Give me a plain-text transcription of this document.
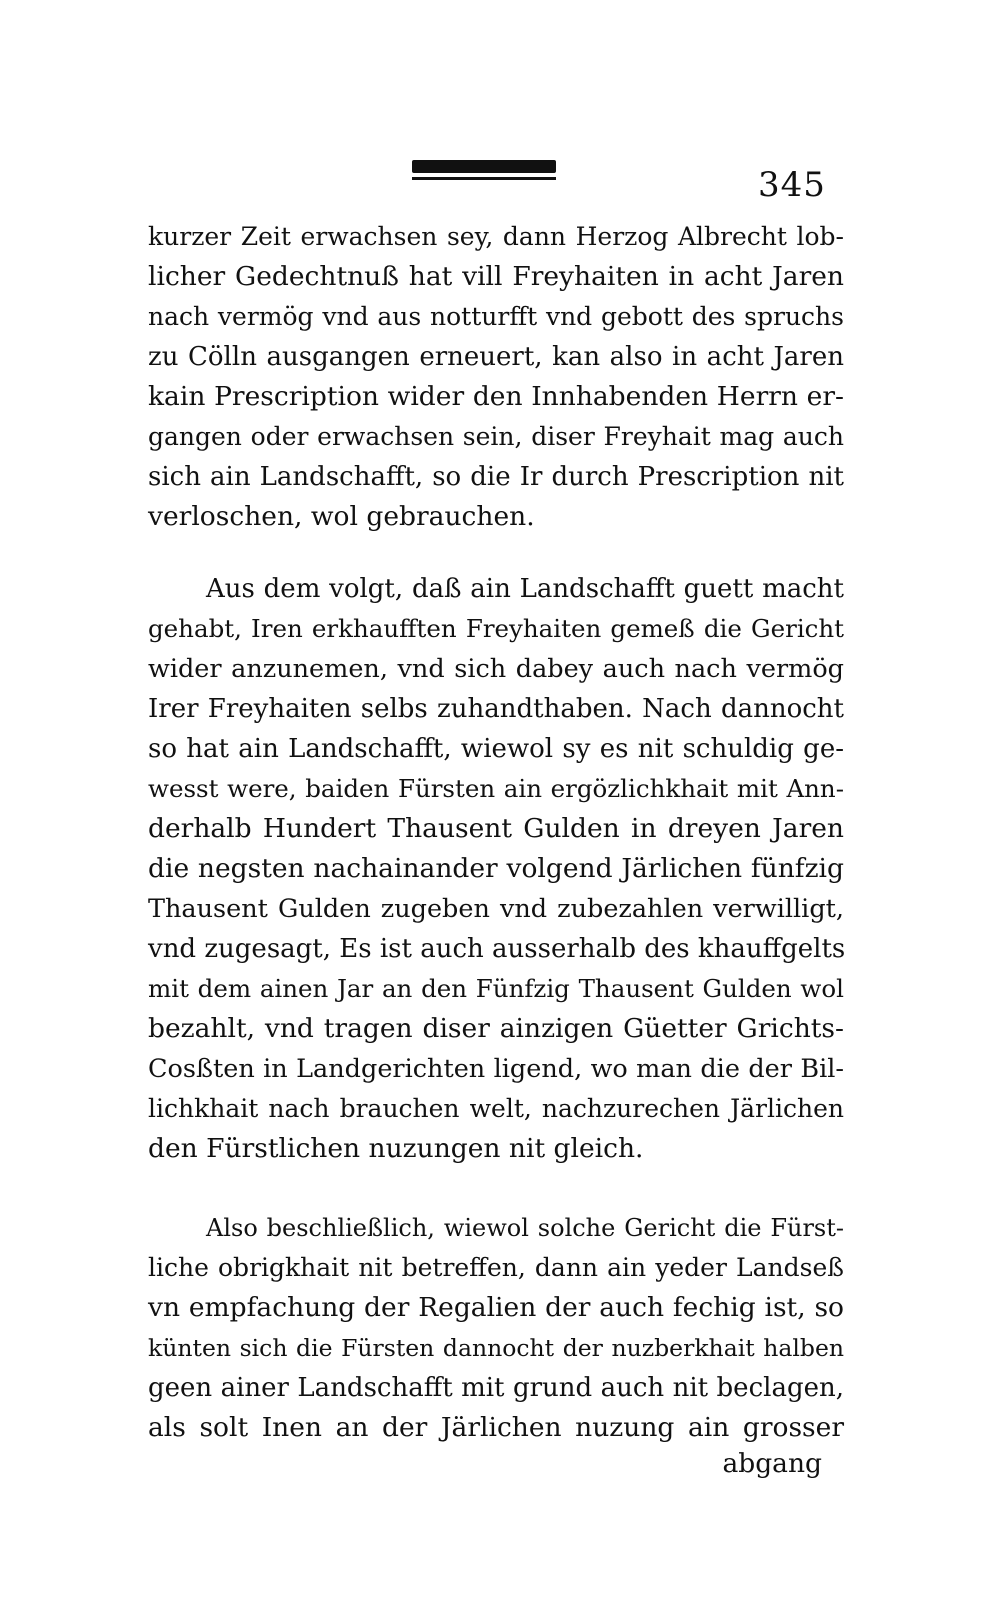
345
kurzer Zeit erwachsen sey, dann Herzog Albrecht lob-
licher Gedechtnuß hat vill Freyhaiten in acht Jaren
nach vermög vnd aus notturfft vnd gebott des spruchs
zu Cölln ausgangen erneuert, kan also in acht Jaren
kain Prescription wider den Innhabenden Herrn er-
gangen oder erwachsen sein, diser Freyhait mag auch
sich ain Landschafft, so die Ir durch Prescription nit
verloschen, wol gebrauchen.
Aus dem volgt, daß ain Landschafft guett macht
gehabt, Iren erkhaufften Freyhaiten gemeß die Gericht
wider anzunemen, vnd sich dabey auch nach vermög
Irer Freyhaiten selbs zuhandthaben. Nach dannocht
so hat ain Landschafft, wiewol sy es nit schuldig ge-
wesst were, baiden Fürsten ain ergözlichkhait mit Ann-
derhalb Hundert Thausent Gulden in dreyen Jaren
die negsten nachainander volgend Järlichen fünfzig
Thausent Gulden zugeben vnd zubezahlen verwilligt,
vnd zugesagt, Es ist auch ausserhalb des khauffgelts
mit dem ainen Jar an den Fünfzig Thausent Gulden wol
bezahlt, vnd tragen diser ainzigen Güetter Grichts-
Cosßten in Landgerichten ligend, wo man die der Bil-
lichkhait nach brauchen welt, nachzurechen Järlichen
den Fürstlichen nuzungen nit gleich.
Also beschließlich, wiewol solche Gericht die Fürst-
liche obrigkhait nit betreffen, dann ain yeder Landseß
vn empfachung der Regalien der auch fechig ist, so
künten sich die Fürsten dannocht der nuzberkhait halben
geen ainer Landschafft mit grund auch nit beclagen,
als solt Inen an der Järlichen nuzung ain grosser
abgang
